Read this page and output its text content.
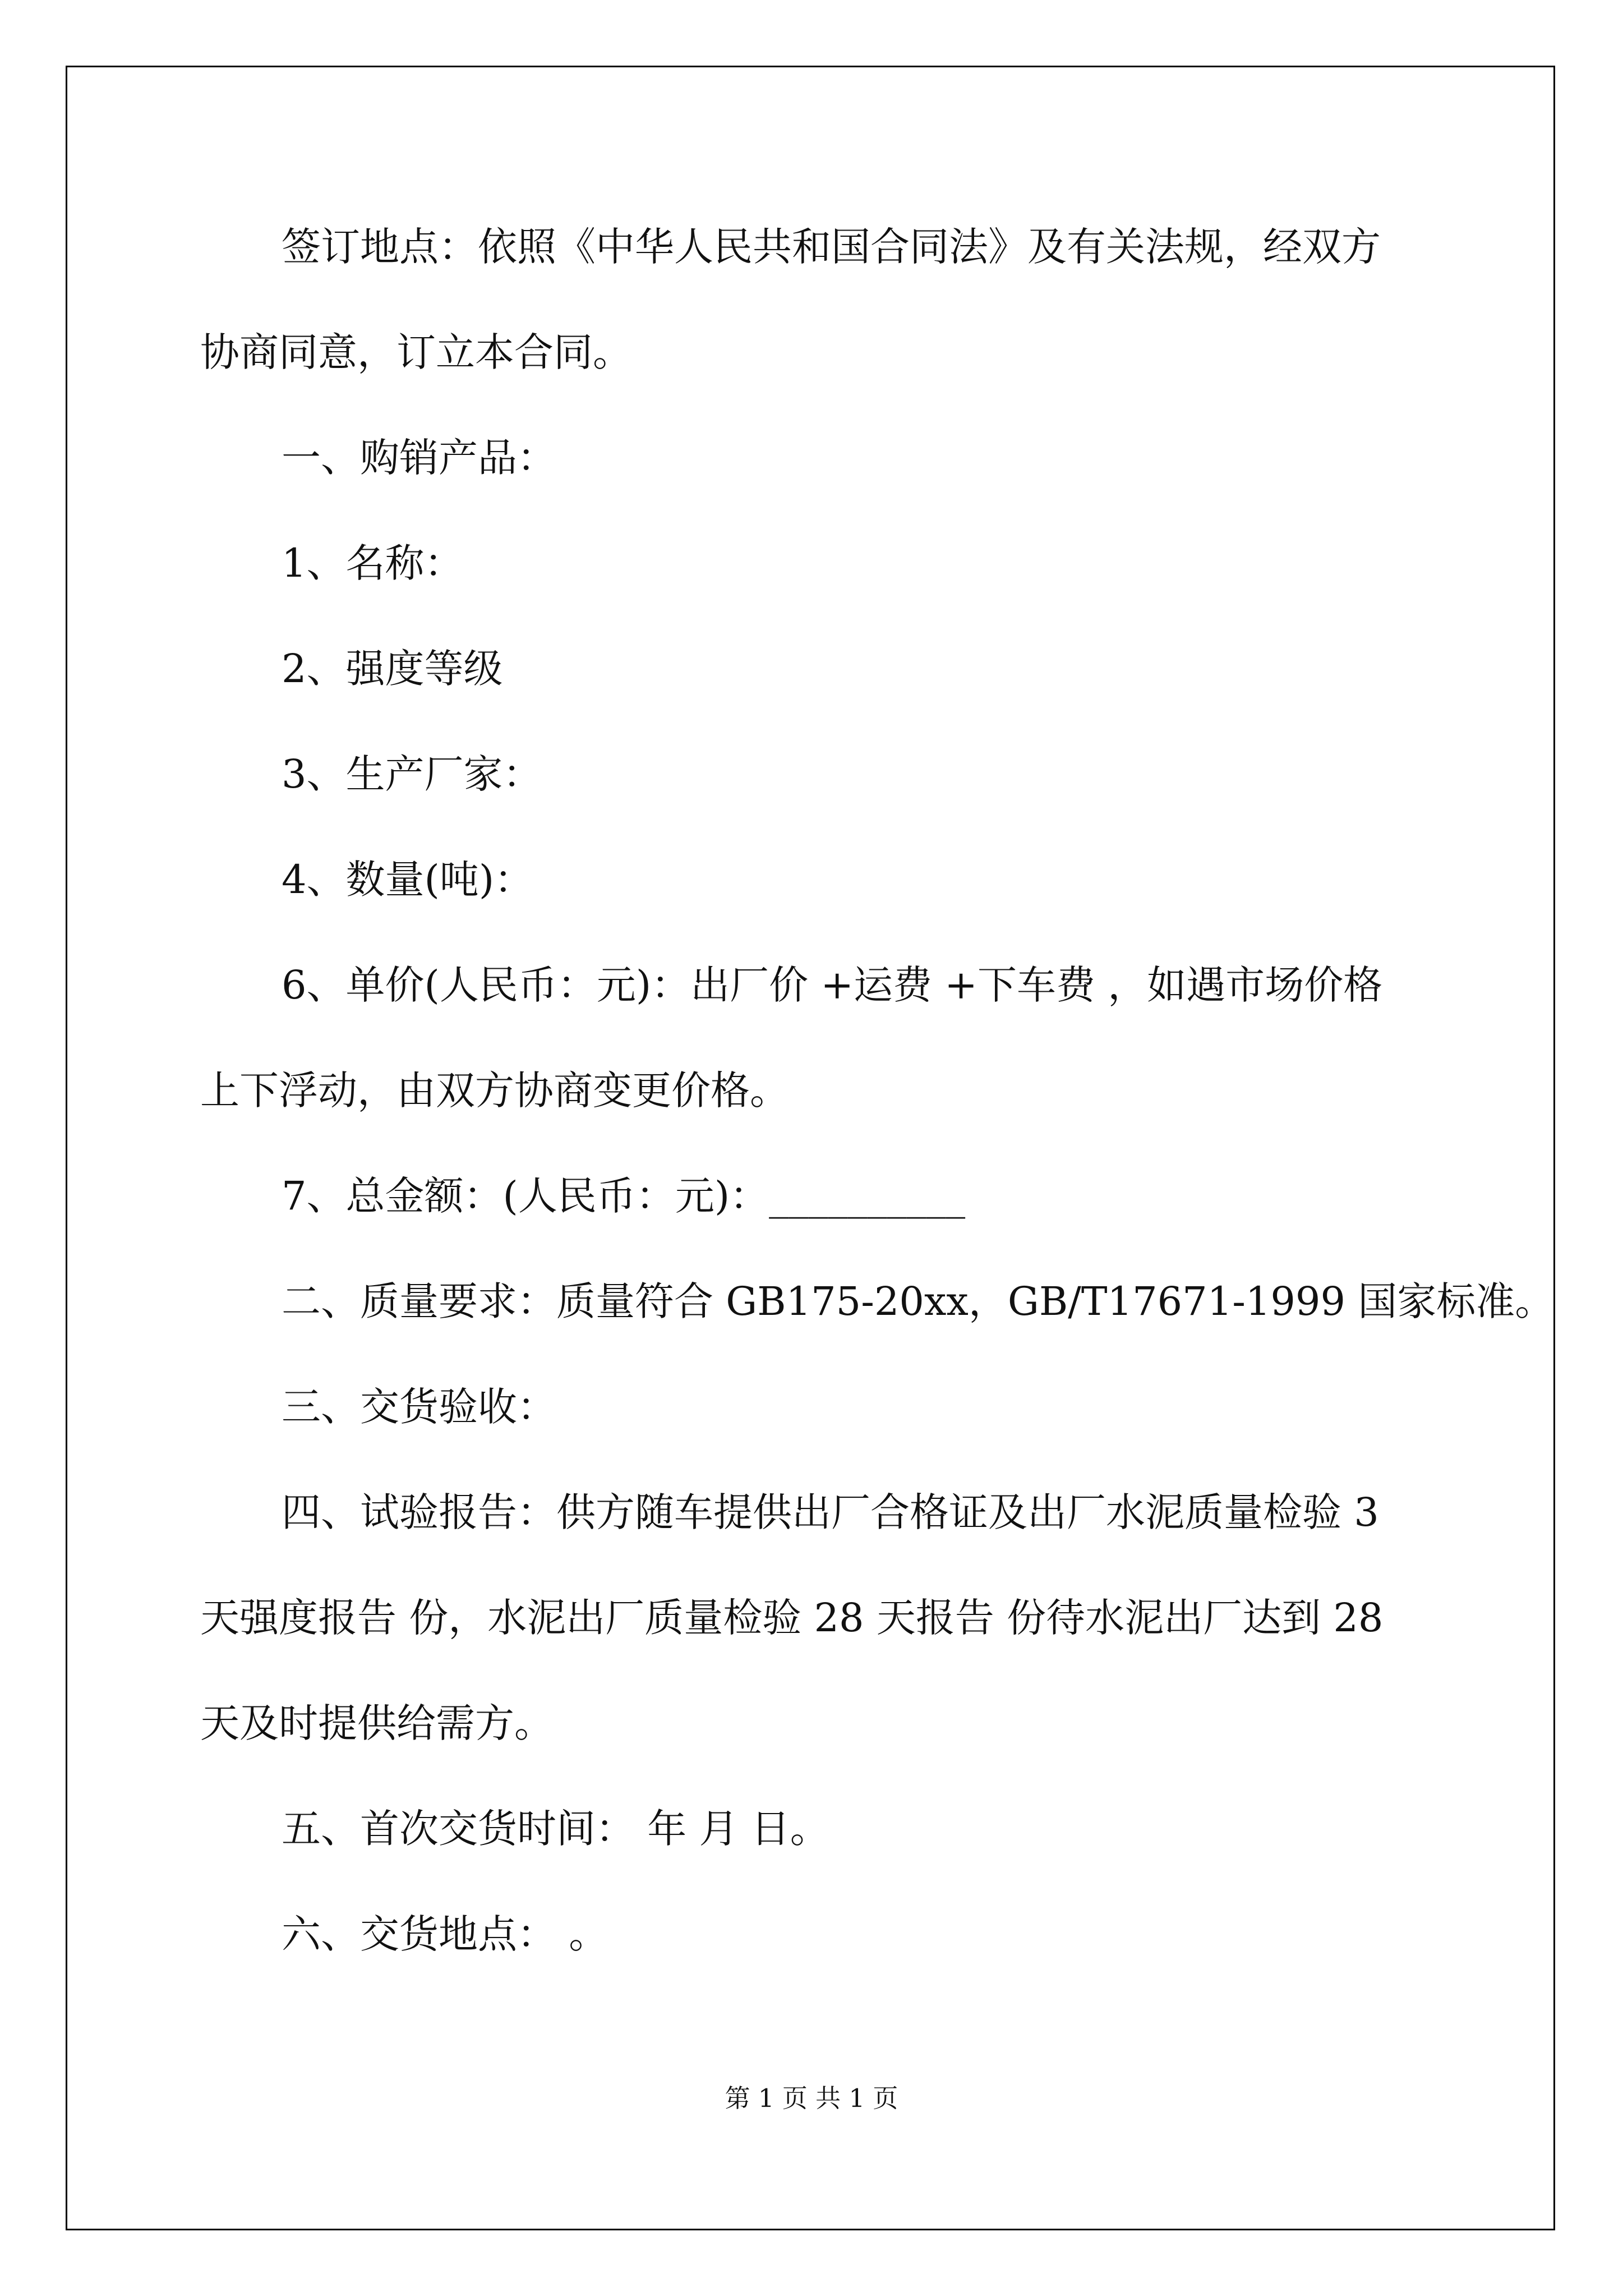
签订地点：依照《中华人民共和国合同法》及有关法规，经双方
协商同意，订立本合同。
一、购销产品：
1、名称：
2、强度等级
3、生产厂家：
4、数量(吨)：
6、单价(人民币：元)：出厂价 +运费 +下车费 ，如遇市场价格
上下浮动，由双方协商变更价格。
7、总金额：(人民币：元)：__________
二、质量要求：质量符合 GB175-20xx，GB/T17671-1999 国家标准。
三、交货验收：
四、试验报告：供方随车提供出厂合格证及出厂水泥质量检验 3
天强度报告 份，水泥出厂质量检验 28 天报告 份待水泥出厂达到 28
天及时提供给需方。
五、首次交货时间： 年 月 日。
六、交货地点： 。
第 1 页 共 1 页
